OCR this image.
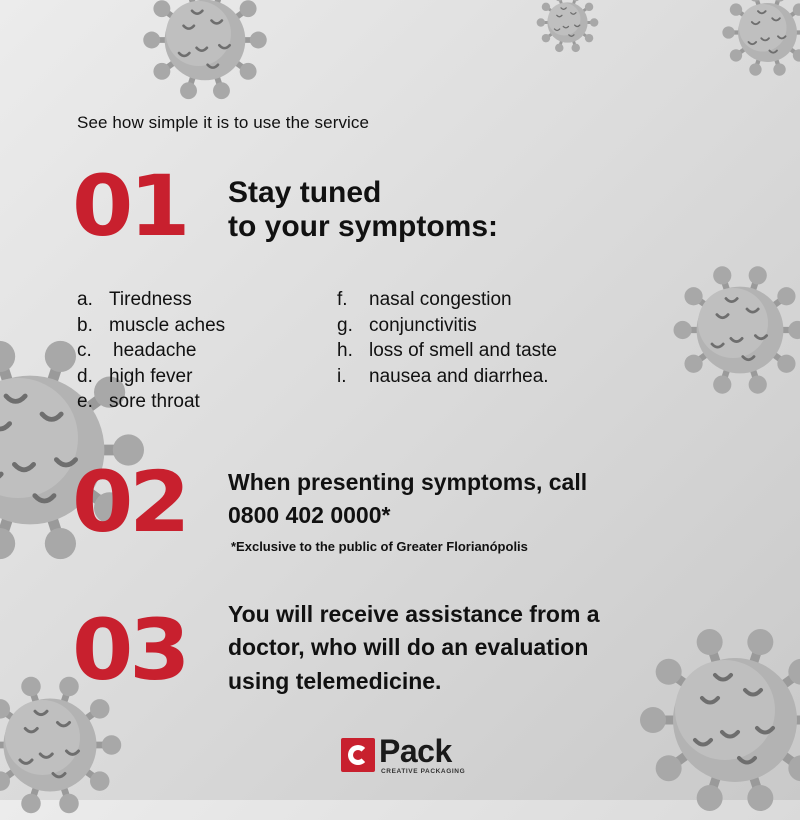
See how simple it is to use the service
01 Stay tuned
to your symptoms:
a. Tiredness
b. muscle aches
c. headache
d. high fever
e. sore throat
f. nasal congestion
g. conjunctivitis
h. loss of smell and taste
i. nausea and diarrhea.
02 When presenting symptoms, call
0800 402 0000*
*Exclusive to the public of Greater Florianópolis
03 You will receive assistance from a
doctor, who will do an evaluation
using telemedicine.
Pack
CREATIVE PACKAGING
